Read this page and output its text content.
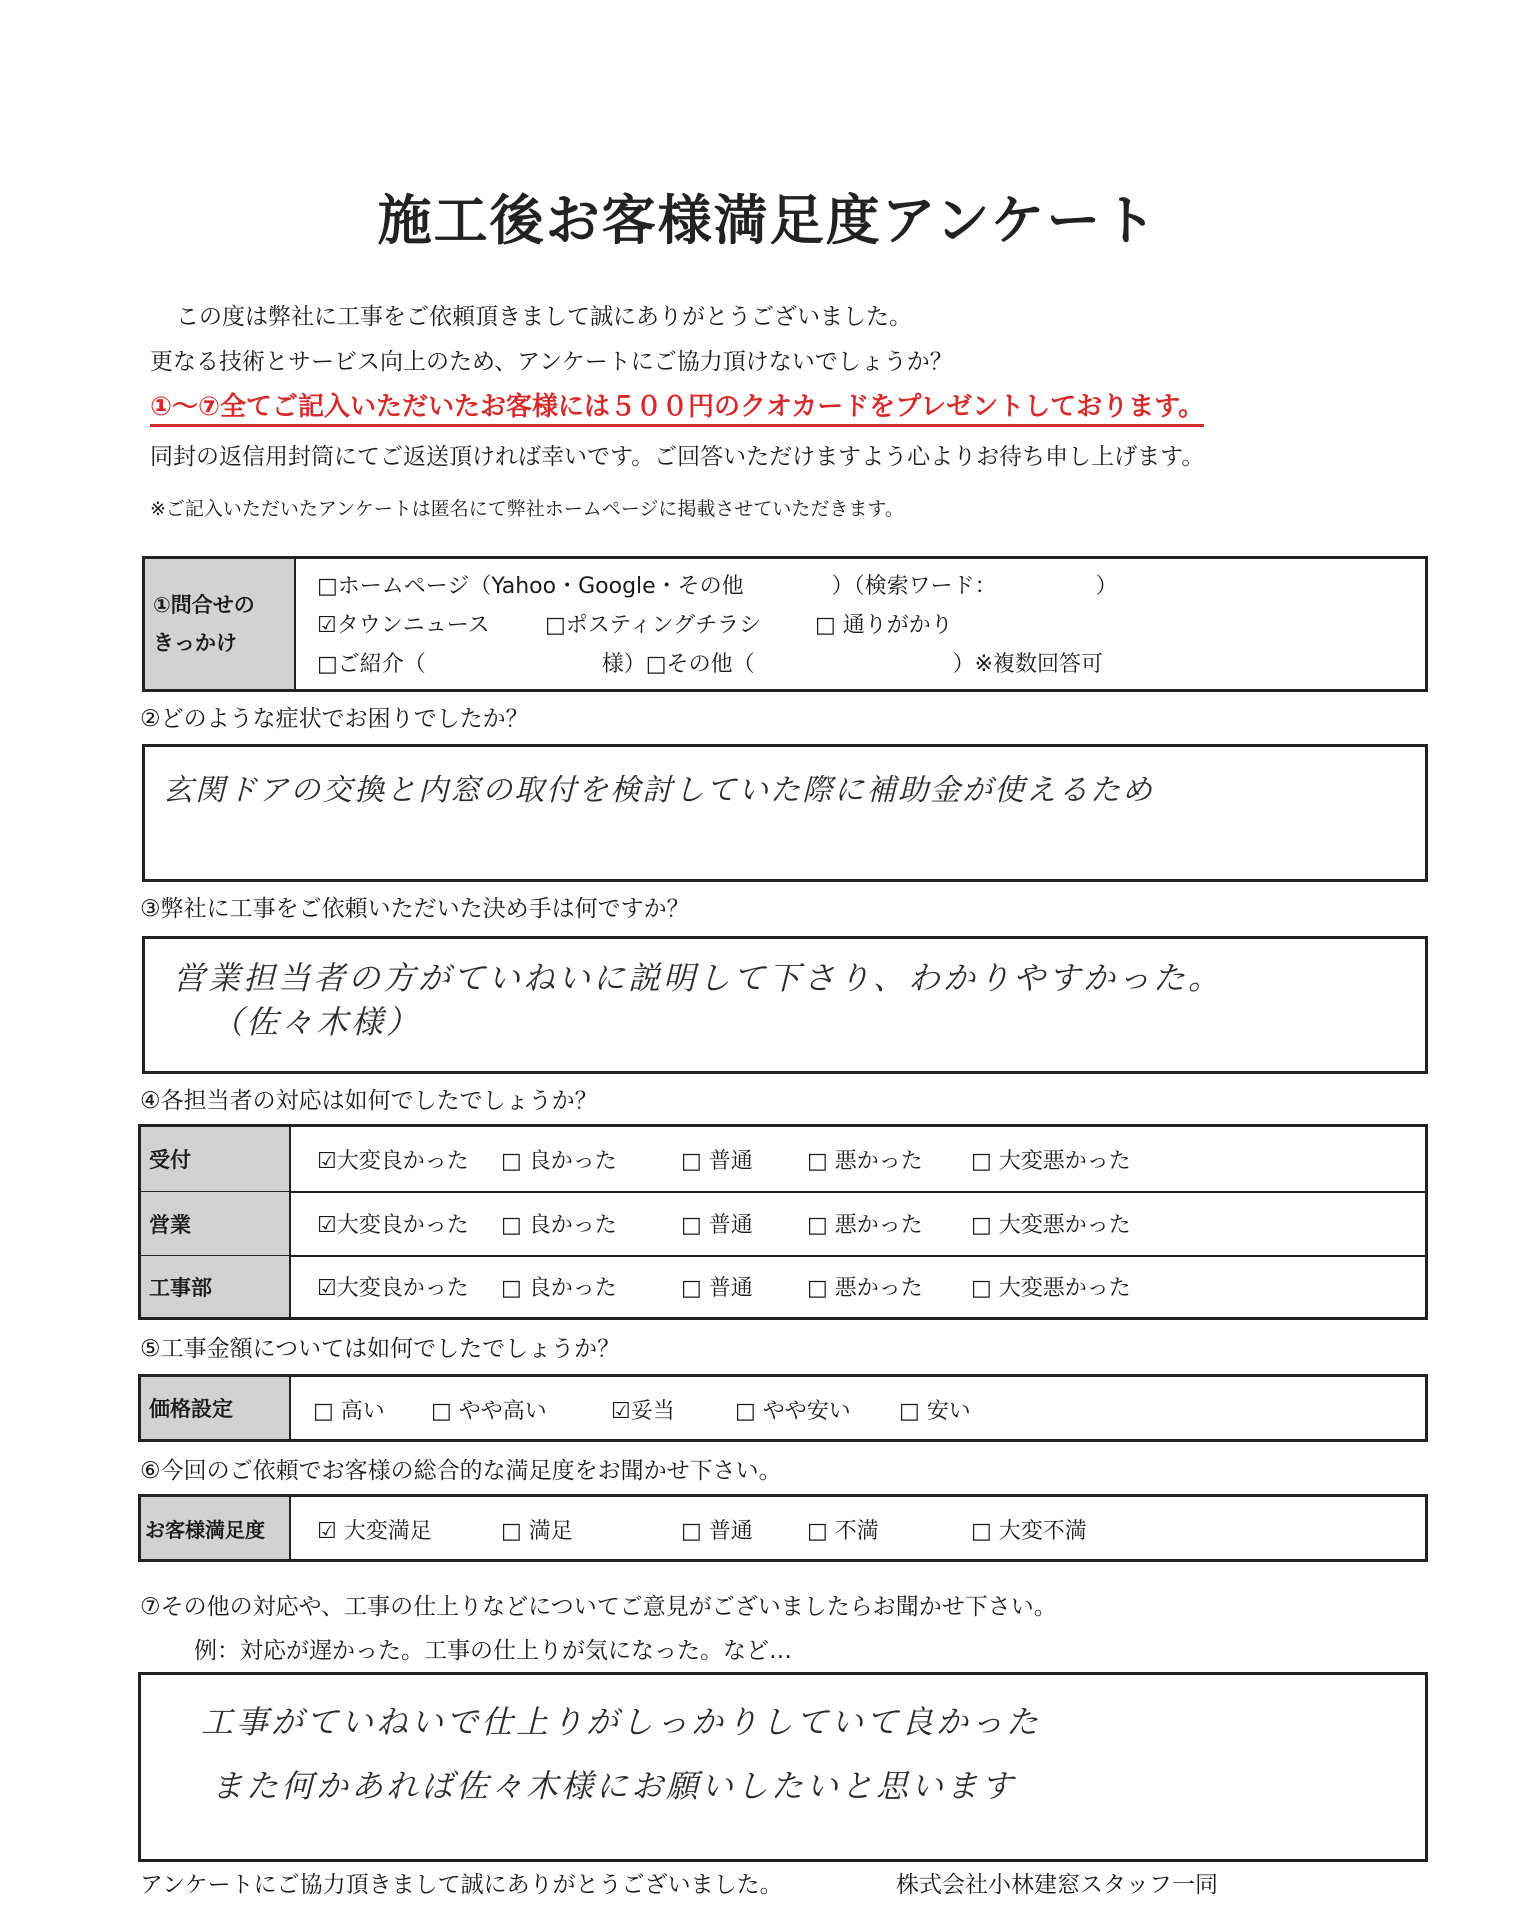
施工後お客様満足度アンケート
この度は弊社に工事をご依頼頂きまして誠にありがとうございました。
更なる技術とサービス向上のため、アンケートにご協力頂けないでしょうか？
①～⑦全てご記入いただいたお客様には５００円のクオカードをプレゼントしております。
同封の返信用封筒にてご返送頂ければ幸いです。ご回答いただけますよう心よりお待ち申し上げます。
※ご記入いただいたアンケートは匿名にて弊社ホームページに掲載させていただきます。
①問合せの
きっかけ
□ホームページ（Yahoo・Google・その他　　　　）（検索ワード：　　　　　）
☑タウンニュース	□ポスティングチラシ □ 通りがかり
□ご紹介（　　　　　　　　様）□その他（　　　　　　　　　）※複数回答可
②どのような症状でお困りでしたか？
玄関ドアの交換と内窓の取付を検討していた際に補助金が使えるため
③弊社に工事をご依頼いただいた決め手は何ですか？
営業担当者の方がていねいに説明して下さり、わかりやすかった。
（佐々木様）
④各担当者の対応は如何でしたでしょうか？
受付	☑大変良かった □ 良かった	□ 普通 □ 悪かった □ 大変悪かった
営業	☑大変良かった □ 良かった	□ 普通 □ 悪かった □ 大変悪かった
工事部	☑大変良かった □ 良かった	□ 普通 □ 悪かった □ 大変悪かった
⑤工事金額については如何でしたでしょうか？
価格設定	□ 高い □ やや高い	☑妥当	□ やや安い □ 安い
⑥今回のご依頼でお客様の総合的な満足度をお聞かせ下さい。
お客様満足度	☑ 大変満足	□ 満足	□ 普通 □ 不満	□ 大変不満
⑦その他の対応や、工事の仕上りなどについてご意見がございましたらお聞かせ下さい。
例：対応が遅かった。工事の仕上りが気になった。など…
工事がていねいで仕上りがしっかりしていて良かった
また何かあれば佐々木様にお願いしたいと思います
アンケートにご協力頂きまして誠にありがとうございました。	株式会社小林建窓スタッフ一同
